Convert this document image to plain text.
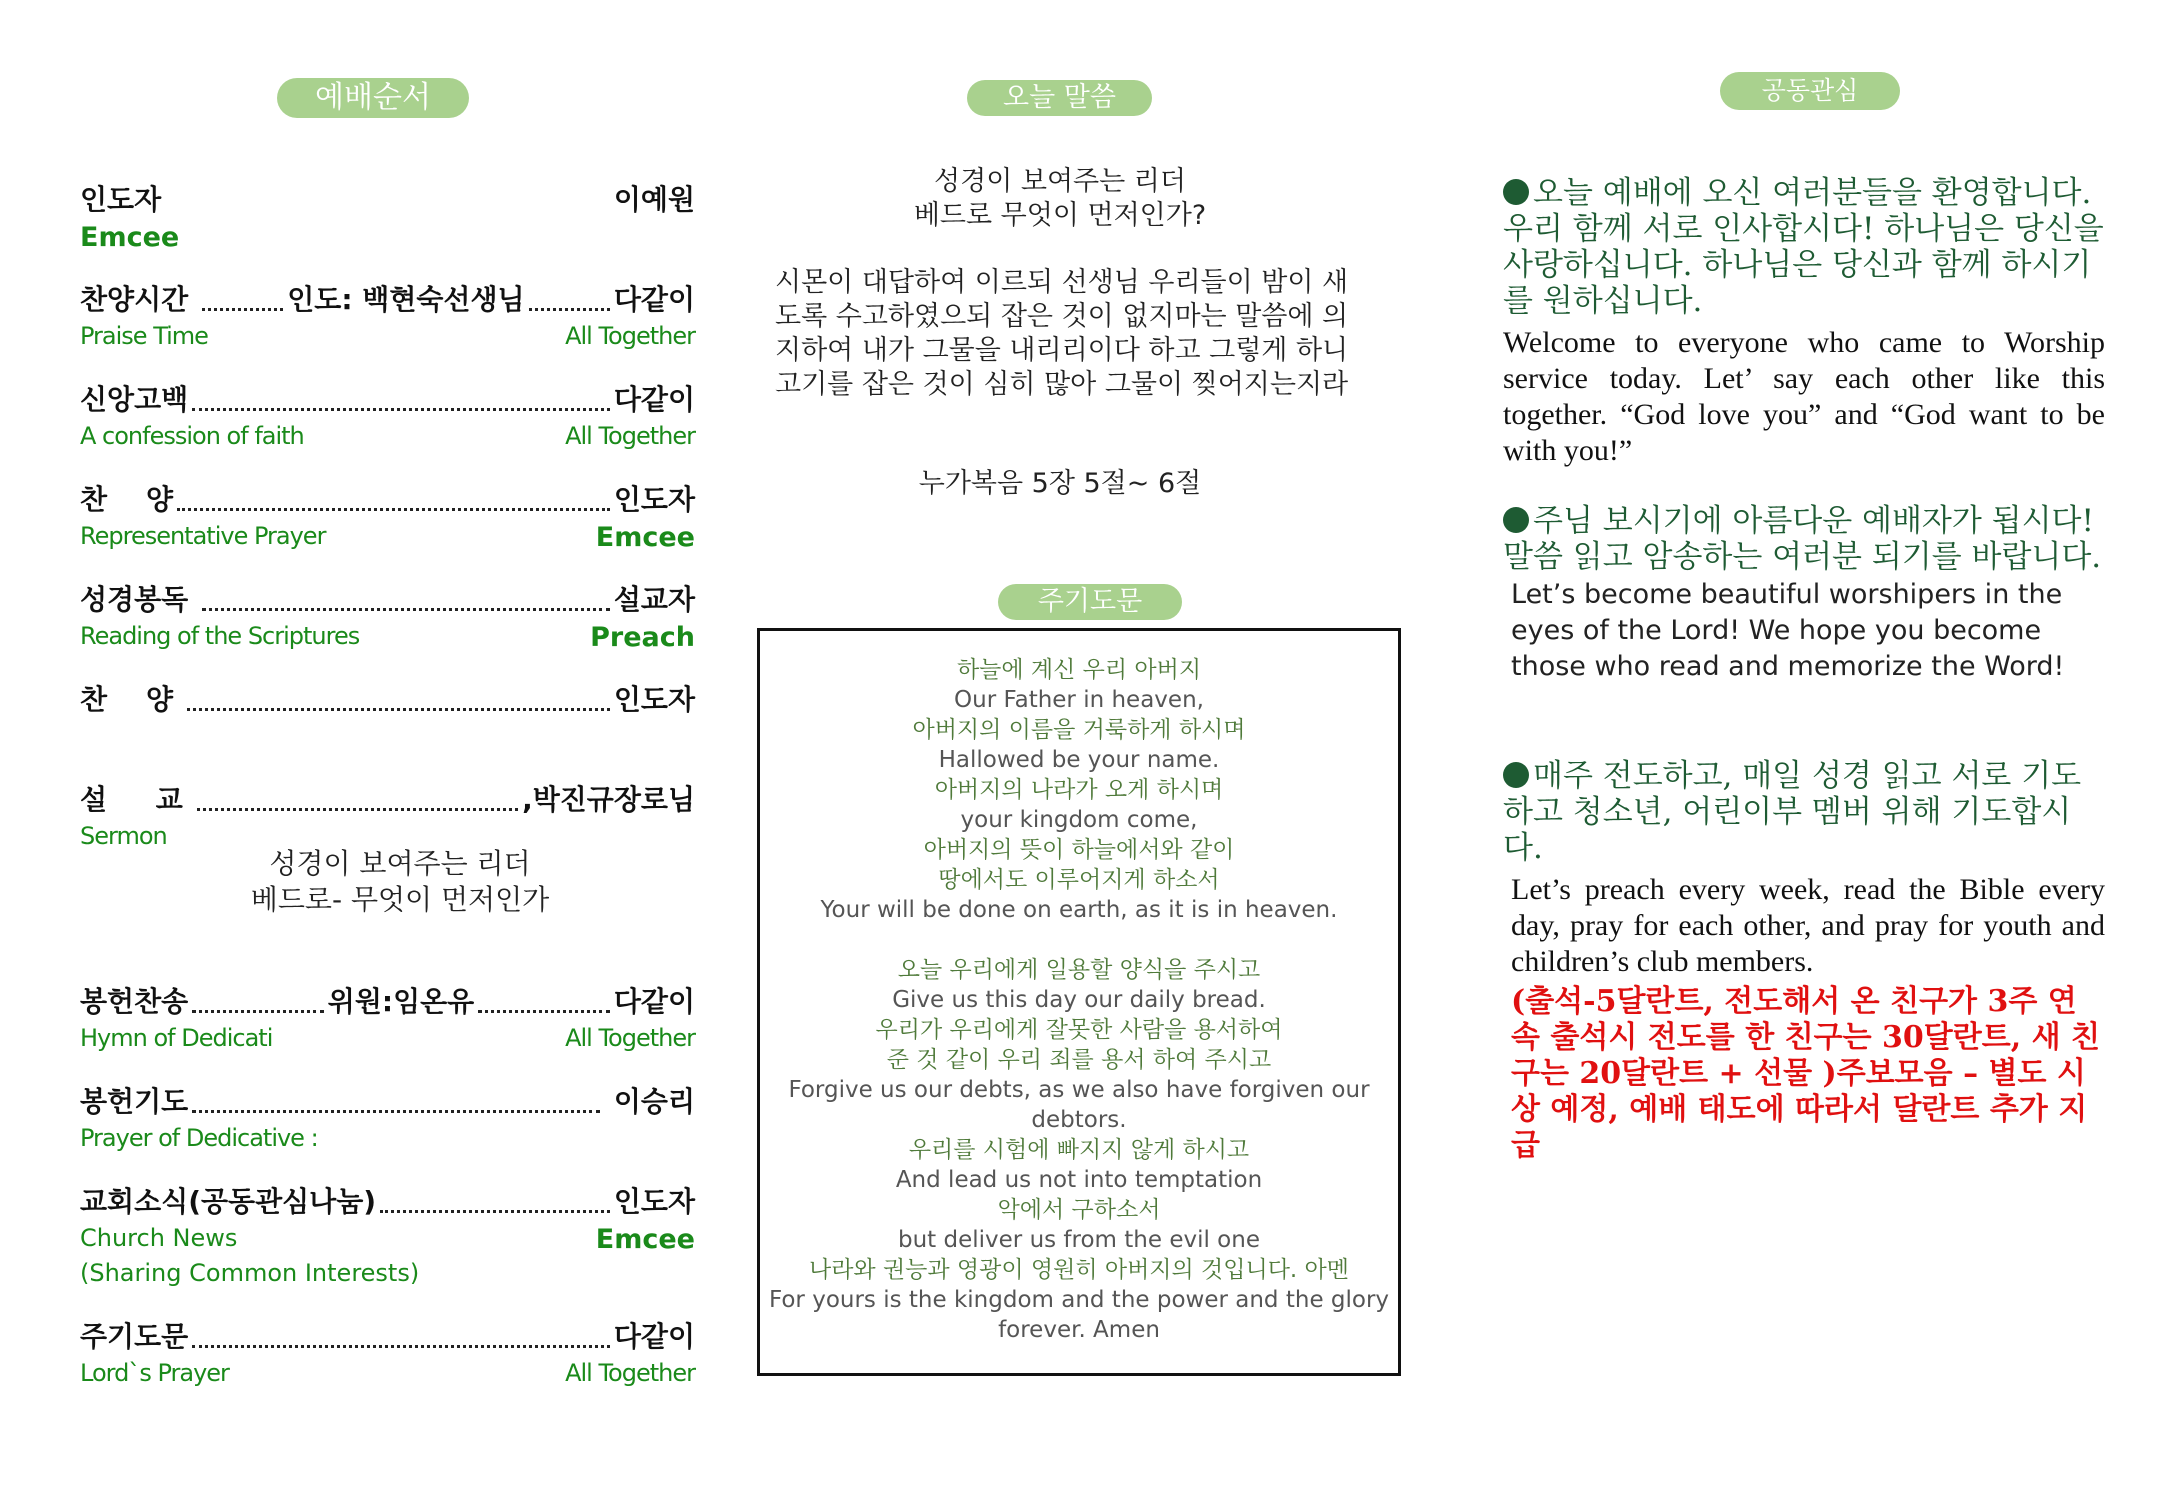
예배순서
인도자	이예원
Emcee
찬양시간	인도: 백현숙선생님	다같이
Praise Time	All Together
신앙고백	다같이
A confession of faith	All Together
찬    양	인도자
Representative Prayer	Emcee
성경봉독	설교자
Reading of the Scriptures	Preach
찬    양	인도자
설     교	,박진규장로님
Sermon
봉헌찬송	위원:임온유	다같이
Hymn of Dedicati	All Together
봉헌기도	이승리
Prayer of Dedicative :
교회소식(공동관심나눔)	인도자
Church News	Emcee
(Sharing Common Interests)
주기도문	다같이
Lord`s Prayer	All Together
성경이 보여주는 리더
베드로- 무엇이 먼저인가
오늘 말씀
성경이 보여주는 리더
베드로 무엇이 먼저인가?
시몬이 대답하여 이르되 선생님 우리들이 밤이 새
도록 수고하였으되 잡은 것이 없지마는 말씀에 의
지하여 내가 그물을 내리리이다 하고 그렇게 하니
고기를 잡은 것이 심히 많아 그물이 찢어지는지라
누가복음 5장 5절~ 6절
주기도문
하늘에 계신 우리 아버지
Our Father in heaven,
아버지의 이름을 거룩하게 하시며
Hallowed be your name.
아버지의 나라가 오게 하시며
your kingdom come,
아버지의 뜻이 하늘에서와 같이
땅에서도 이루어지게 하소서
Your will be done on earth, as it is in heaven.
오늘 우리에게 일용할 양식을 주시고
Give us this day our daily bread.
우리가 우리에게 잘못한 사람을 용서하여
준 것 같이 우리 죄를 용서 하여 주시고
Forgive us our debts, as we also have forgiven our
debtors.
우리를 시험에 빠지지 않게 하시고
And lead us not into temptation
악에서 구하소서
but deliver us from the evil one
나라와 권능과 영광이 영원히 아버지의 것입니다. 아멘
For yours is the kingdom and the power and the glory
forever. Amen
공동관심
오늘 예배에 오신 여러분들을 환영합니다. 우리 함께 서로 인사합시다! 하나님은 당신을 사랑하십니다. 하나님은 당신과 함께 하시기를 원하십니다.
Welcome to everyone who came to Worship service today. Let’ say each other like this together. “God love you” and “God want to be with you!”
주님 보시기에 아름다운 예배자가 됩시다! 말씀 읽고 암송하는 여러분 되기를 바랍니다.
Let’s become beautiful worshipers in the eyes of the Lord! We hope you become those who read and memorize the Word!
매주 전도하고, 매일 성경 읽고 서로 기도하고 청소년, 어린이부 멤버 위해 기도합시다.
Let’s preach every week, read the Bible every day, pray for each other, and pray for youth and children’s club members.
(출석-5달란트, 전도해서 온 친구가 3주 연속 출석시 전도를 한 친구는 30달란트, 새 친구는 20달란트 + 선물 )주보모음 – 별도 시상 예정, 예배 태도에 따라서 달란트 추가 지급
